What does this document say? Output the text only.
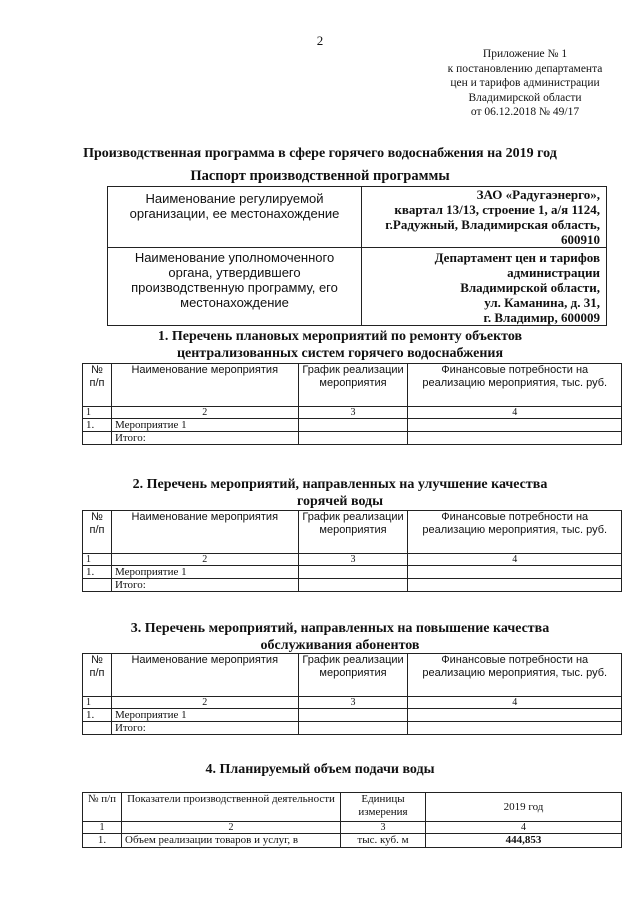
2
Приложение № 1
к постановлению департамента
цен и тарифов администрации
Владимирской области
от 06.12.2018 № 49/17
Производственная программа в сфере горячего водоснабжения на 2019 год
Паспорт производственной программы
Наименование регулируемой организации, ее местонахождение	ЗАО «Радугаэнерго»,
квартал 13/13, строение 1, а/я 1124,
г.Радужный, Владимирская область, 600910

Наименование уполномоченного органа, утвердившего производственную программу, его местонахождение	Департамент цен и тарифов администрации
Владимирской области,
ул. Каманина, д. 31,
г. Владимир, 600009
1. Перечень плановых мероприятий по ремонту объектов
централизованных систем горячего водоснабжения
№ п/п	Наименование мероприятия	График реализации мероприятия	Финансовые потребности на реализацию мероприятия, тыс. руб.
1	2	3	4
1.	Мероприятие 1		
	Итого:		
2. Перечень мероприятий, направленных на улучшение качества
горячей воды
№ п/п	Наименование мероприятия	График реализации мероприятия	Финансовые потребности на реализацию мероприятия, тыс. руб.
1	2	3	4
1.	Мероприятие 1		
	Итого:		
3. Перечень мероприятий, направленных на повышение качества
обслуживания абонентов
№ п/п	Наименование мероприятия	График реализации мероприятия	Финансовые потребности на реализацию мероприятия, тыс. руб.
1	2	3	4
1.	Мероприятие 1		
	Итого:		
4. Планируемый объем подачи воды
№ п/п	Показатели производственной деятельности	Единицы измерения	2019 год
1	2	3	4
1.	Объем реализации товаров и услуг, в	тыс. куб. м	444,853
